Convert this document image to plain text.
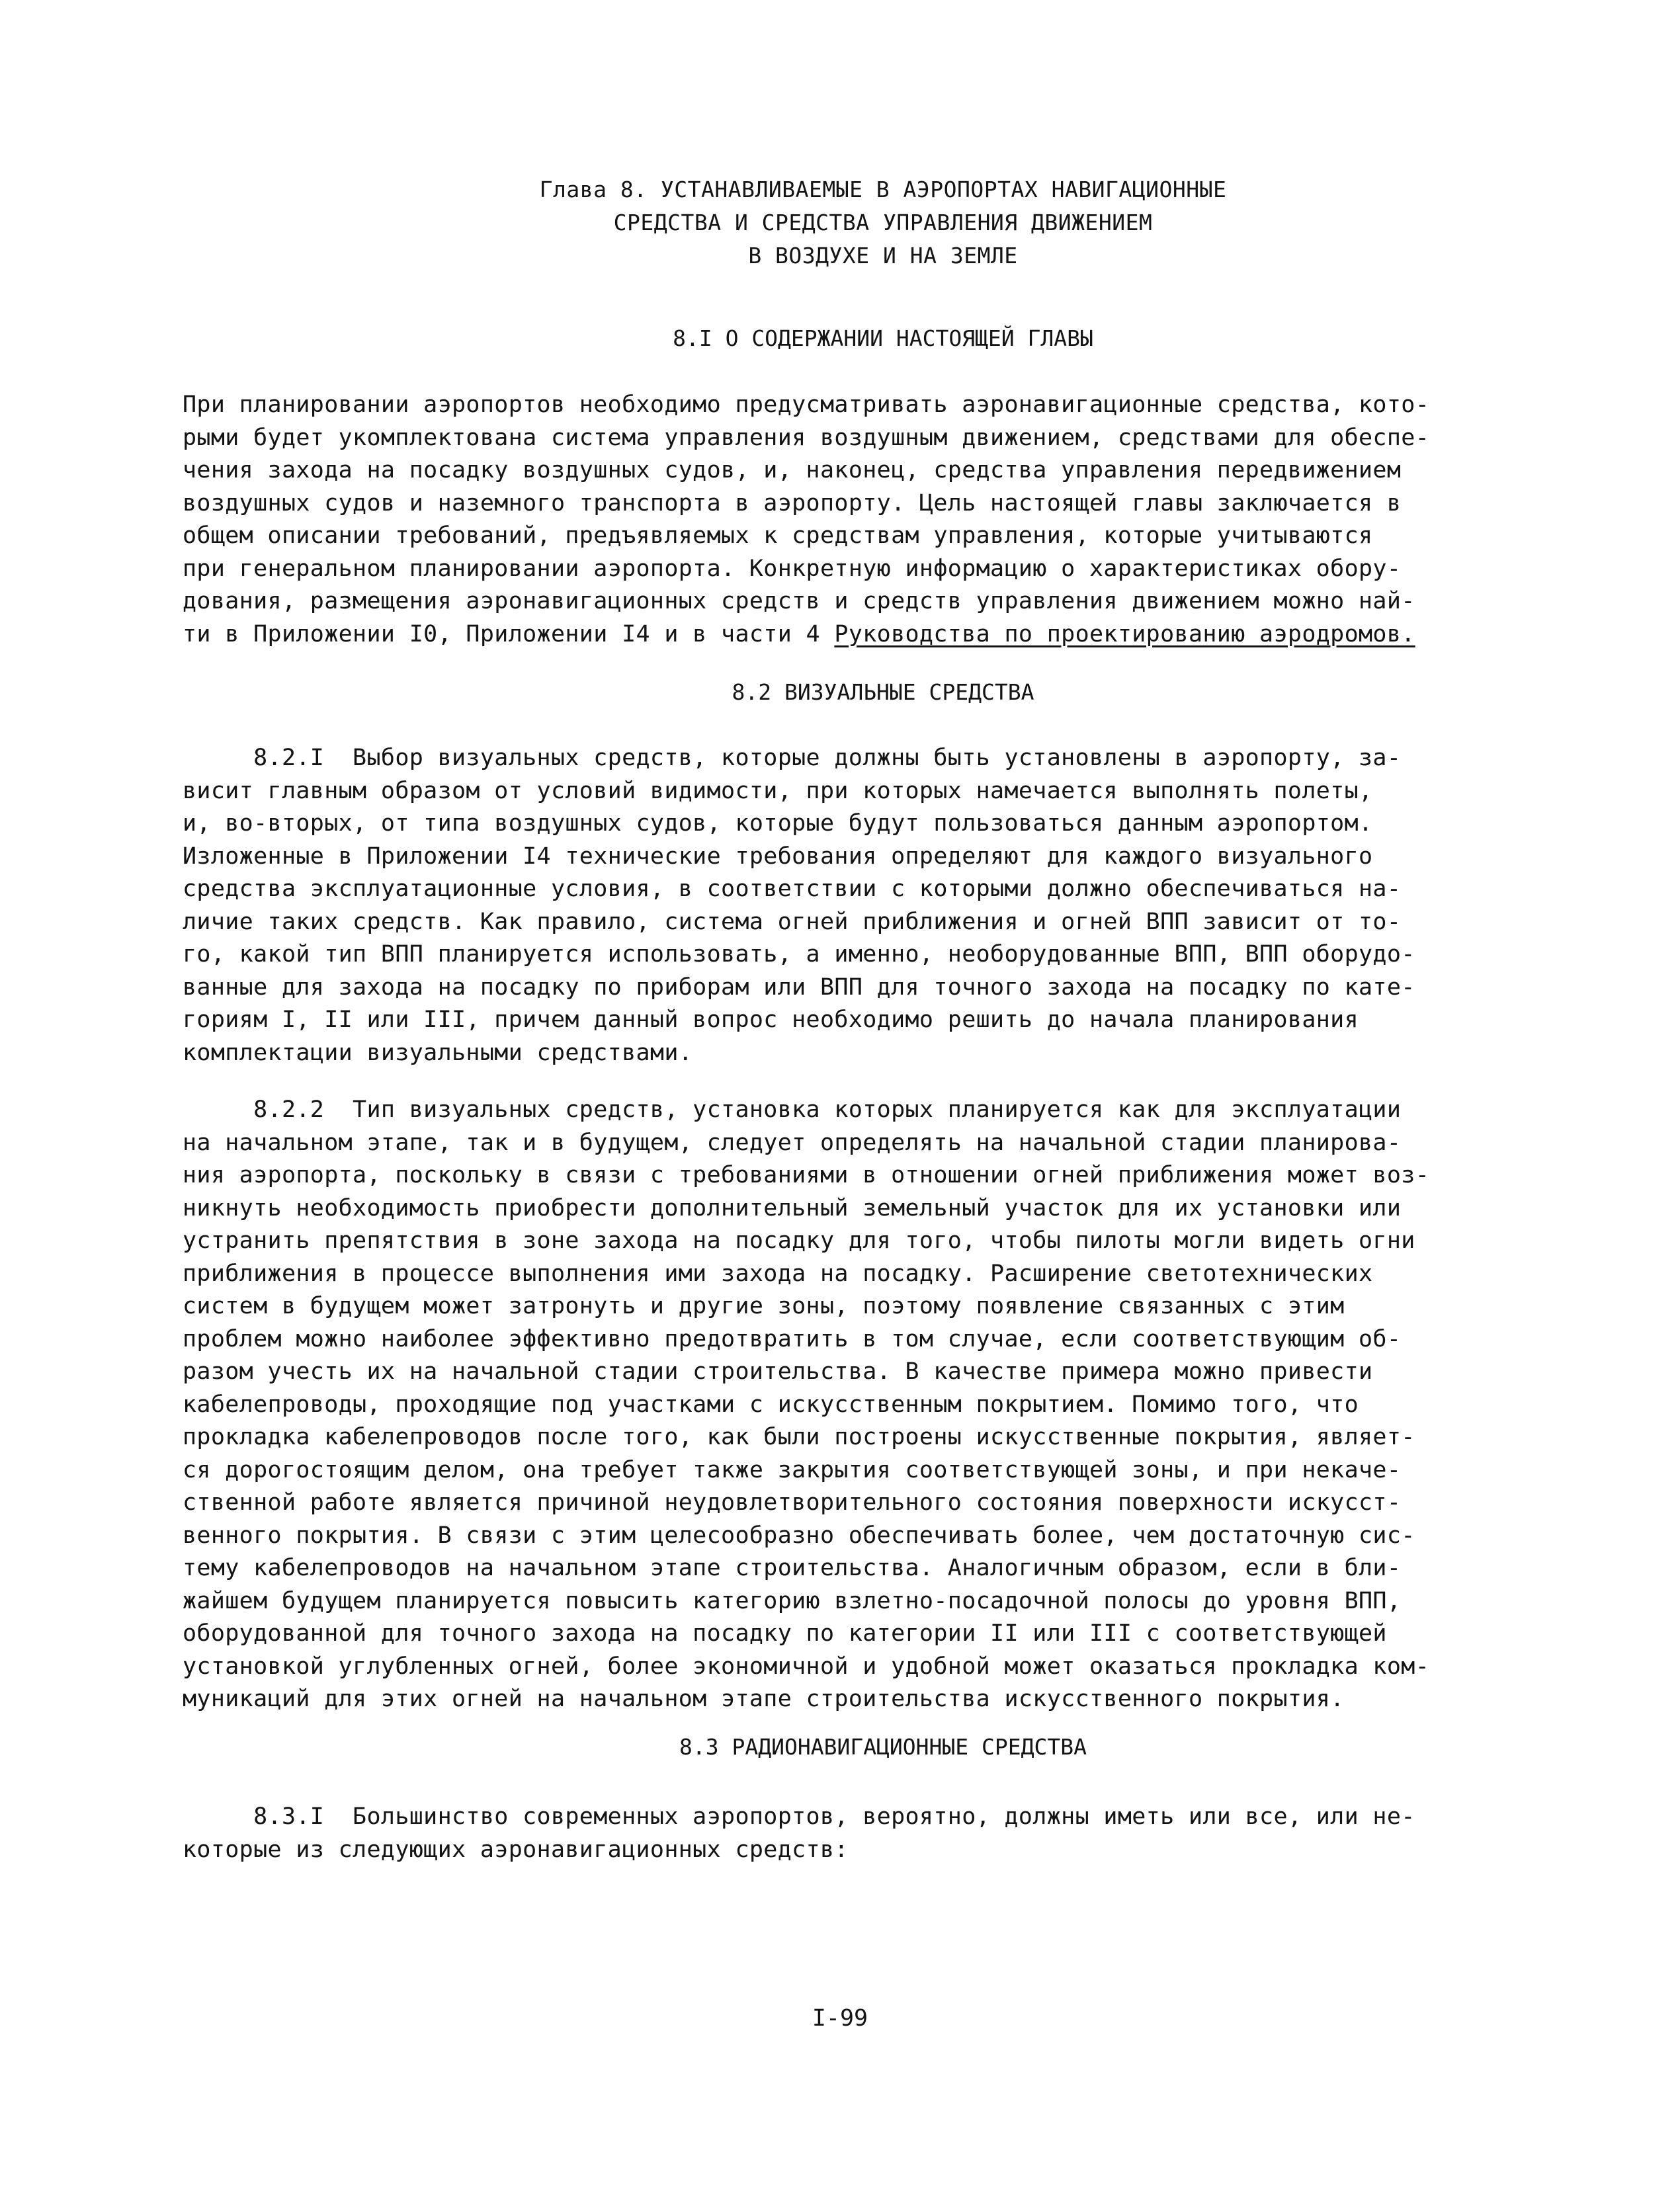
Глава 8. УСТАНАВЛИВАЕМЫЕ В АЭРОПОРТАХ НАВИГАЦИОННЫЕ
СРЕДСТВА И СРЕДСТВА УПРАВЛЕНИЯ ДВИЖЕНИЕМ
В ВОЗДУХЕ И НА ЗЕМЛЕ
8.I О СОДЕРЖАНИИ НАСТОЯЩЕЙ ГЛАВЫ
При планировании аэропортов необходимо предусматривать аэронавигационные средства, кото-
рыми будет укомплектована система управления воздушным движением, средствами для обеспе-
чения захода на посадку воздушных судов, и, наконец, средства управления передвижением
воздушных судов и наземного транспорта в аэропорту. Цель настоящей главы заключается в
общем описании требований, предъявляемых к средствам управления, которые учитываются
при генеральном планировании аэропорта. Конкретную информацию о характеристиках обору-
дования, размещения аэронавигационных средств и средств управления движением можно най-
ти в Приложении I0, Приложении I4 и в части 4 Руководства по проектированию аэродромов.
8.2 ВИЗУАЛЬНЫЕ СРЕДСТВА
8.2.I  Выбор визуальных средств, которые должны быть установлены в аэропорту, за-
висит главным образом от условий видимости, при которых намечается выполнять полеты,
и, во-вторых, от типа воздушных судов, которые будут пользоваться данным аэропортом.
Изложенные в Приложении I4 технические требования определяют для каждого визуального
средства эксплуатационные условия, в соответствии с которыми должно обеспечиваться на-
личие таких средств. Как правило, система огней приближения и огней ВПП зависит от то-
го, какой тип ВПП планируется использовать, а именно, необорудованные ВПП, ВПП оборудо-
ванные для захода на посадку по приборам или ВПП для точного захода на посадку по кате-
гориям I, II или III, причем данный вопрос необходимо решить до начала планирования
комплектации визуальными средствами.
8.2.2  Тип визуальных средств, установка которых планируется как для эксплуатации
на начальном этапе, так и в будущем, следует определять на начальной стадии планирова-
ния аэропорта, поскольку в связи с требованиями в отношении огней приближения может воз-
никнуть необходимость приобрести дополнительный земельный участок для их установки или
устранить препятствия в зоне захода на посадку для того, чтобы пилоты могли видеть огни
приближения в процессе выполнения ими захода на посадку. Расширение светотехнических
систем в будущем может затронуть и другие зоны, поэтому появление связанных с этим
проблем можно наиболее эффективно предотвратить в том случае, если соответствующим об-
разом учесть их на начальной стадии строительства. В качестве примера можно привести
кабелепроводы, проходящие под участками с искусственным покрытием. Помимо того, что
прокладка кабелепроводов после того, как были построены искусственные покрытия, являет-
ся дорогостоящим делом, она требует также закрытия соответствующей зоны, и при некаче-
ственной работе является причиной неудовлетворительного состояния поверхности искусст-
венного покрытия. В связи с этим целесообразно обеспечивать более, чем достаточную сис-
тему кабелепроводов на начальном этапе строительства. Аналогичным образом, если в бли-
жайшем будущем планируется повысить категорию взлетно-посадочной полосы до уровня ВПП,
оборудованной для точного захода на посадку по категории II или III с соответствующей
установкой углубленных огней, более экономичной и удобной может оказаться прокладка ком-
муникаций для этих огней на начальном этапе строительства искусственного покрытия.
8.3 РАДИОНАВИГАЦИОННЫЕ СРЕДСТВА
8.3.I  Большинство современных аэропортов, вероятно, должны иметь или все, или не-
которые из следующих аэронавигационных средств:
I-99
